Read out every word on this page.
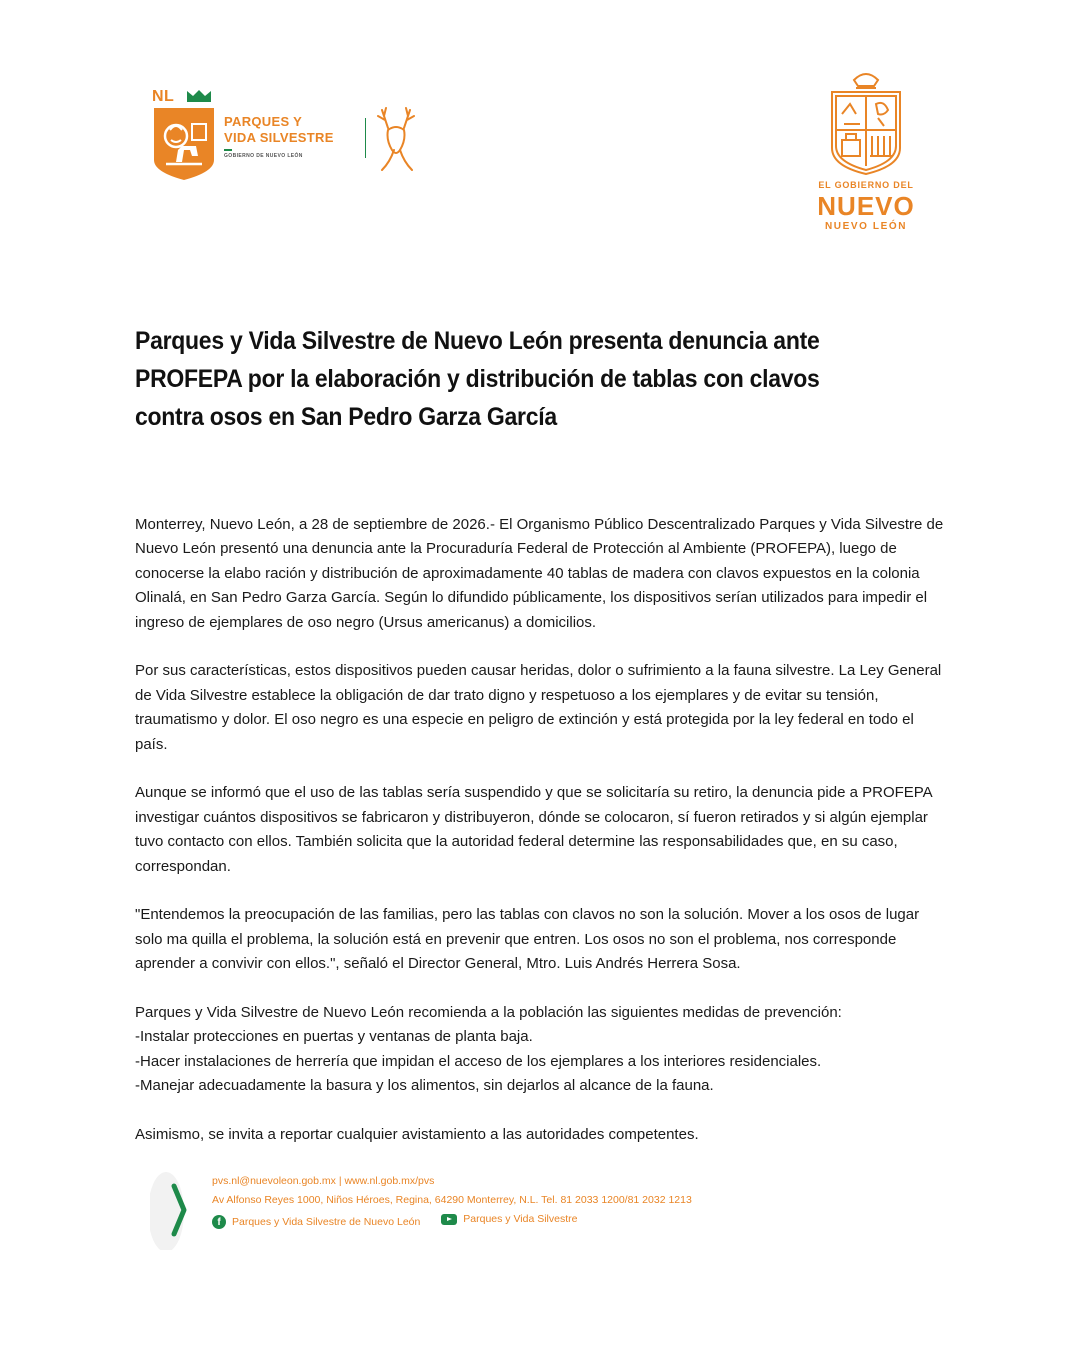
NL
PARQUES Y
VIDA SILVESTRE
GOBIERNO DE NUEVO LEÓN
EL GOBIERNO DEL
NUEVO
NUEVO LEÓN
Parques y Vida Silvestre de Nuevo León presenta denuncia ante PROFEPA por la elaboración y distribución de tablas con clavos contra osos en San Pedro Garza García

Monterrey, Nuevo León, a 28 de septiembre de 2026.- El Organismo Público Descentralizado Parques y Vida Silvestre de Nuevo León presentó una denuncia ante la Procuraduría Federal de Protección al Ambiente (PROFEPA), luego de conocerse la elabo ración y distribución de aproximadamente 40 tablas de madera con clavos expuestos en la colonia Olinalá, en San Pedro Garza García. Según lo difundido públicamente, los dispositivos serían utilizados para impedir el ingreso de ejemplares de oso negro (Ursus americanus) a domicilios.

Por sus características, estos dispositivos pueden causar heridas, dolor o sufrimiento a la fauna silvestre. La Ley General de Vida Silvestre establece la obligación de dar trato digno y respetuoso a los ejemplares y de evitar su tensión, traumatismo y dolor. El oso negro es una especie en peligro de extinción y está protegida por la ley federal en todo el país.

Aunque se informó que el uso de las tablas sería suspendido y que se solicitaría su retiro, la denuncia pide a PROFEPA investigar cuántos dispositivos se fabricaron y distribuyeron, dónde se colocaron, sí fueron retirados y si algún ejemplar tuvo contacto con ellos. También solicita que la autoridad federal determine las responsabilidades que, en su caso, correspondan.

"Entendemos la preocupación de las familias, pero las tablas con clavos no son la solución. Mover a los osos de lugar solo ma quilla el problema, la solución está en prevenir que entren. Los osos no son el problema, nos corresponde aprender a convivir con ellos.", señaló el Director General, Mtro. Luis Andrés Herrera Sosa.

Parques y Vida Silvestre de Nuevo León recomienda a la población las siguientes medidas de prevención:

-Instalar protecciones en puertas y ventanas de planta baja.

-Hacer instalaciones de herrería que impidan el acceso de los ejemplares a los interiores residenciales.

-Manejar adecuadamente la basura y los alimentos, sin dejarlos al alcance de la fauna.

Asimismo, se invita a reportar cualquier avistamiento a las autoridades competentes.

pvs.nl@nuevoleon.gob.mx | www.nl.gob.mx/pvs
Av Alfonso Reyes 1000, Niños Héroes, Regina, 64290 Monterrey, N.L. Tel. 81 2033 1200/81 2032 1213
f	Parques y Vida Silvestre de Nuevo León
	Parques y Vida Silvestre
